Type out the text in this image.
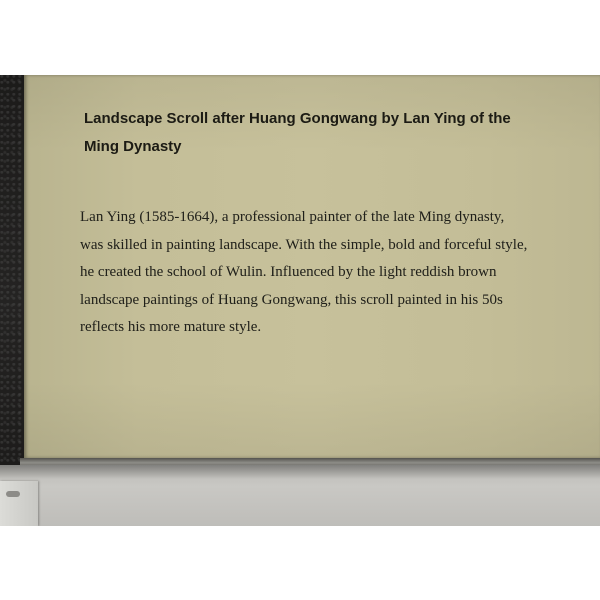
Landscape Scroll after Huang Gongwang by Lan Ying of the
Ming Dynasty

Lan Ying (1585-1664), a professional painter of the late Ming dynasty,
was skilled in painting landscape. With the simple, bold and forceful style,
he created the school of Wulin. Influenced by the light reddish brown
landscape paintings of Huang Gongwang, this scroll painted in his 50s
reflects his more mature style.
